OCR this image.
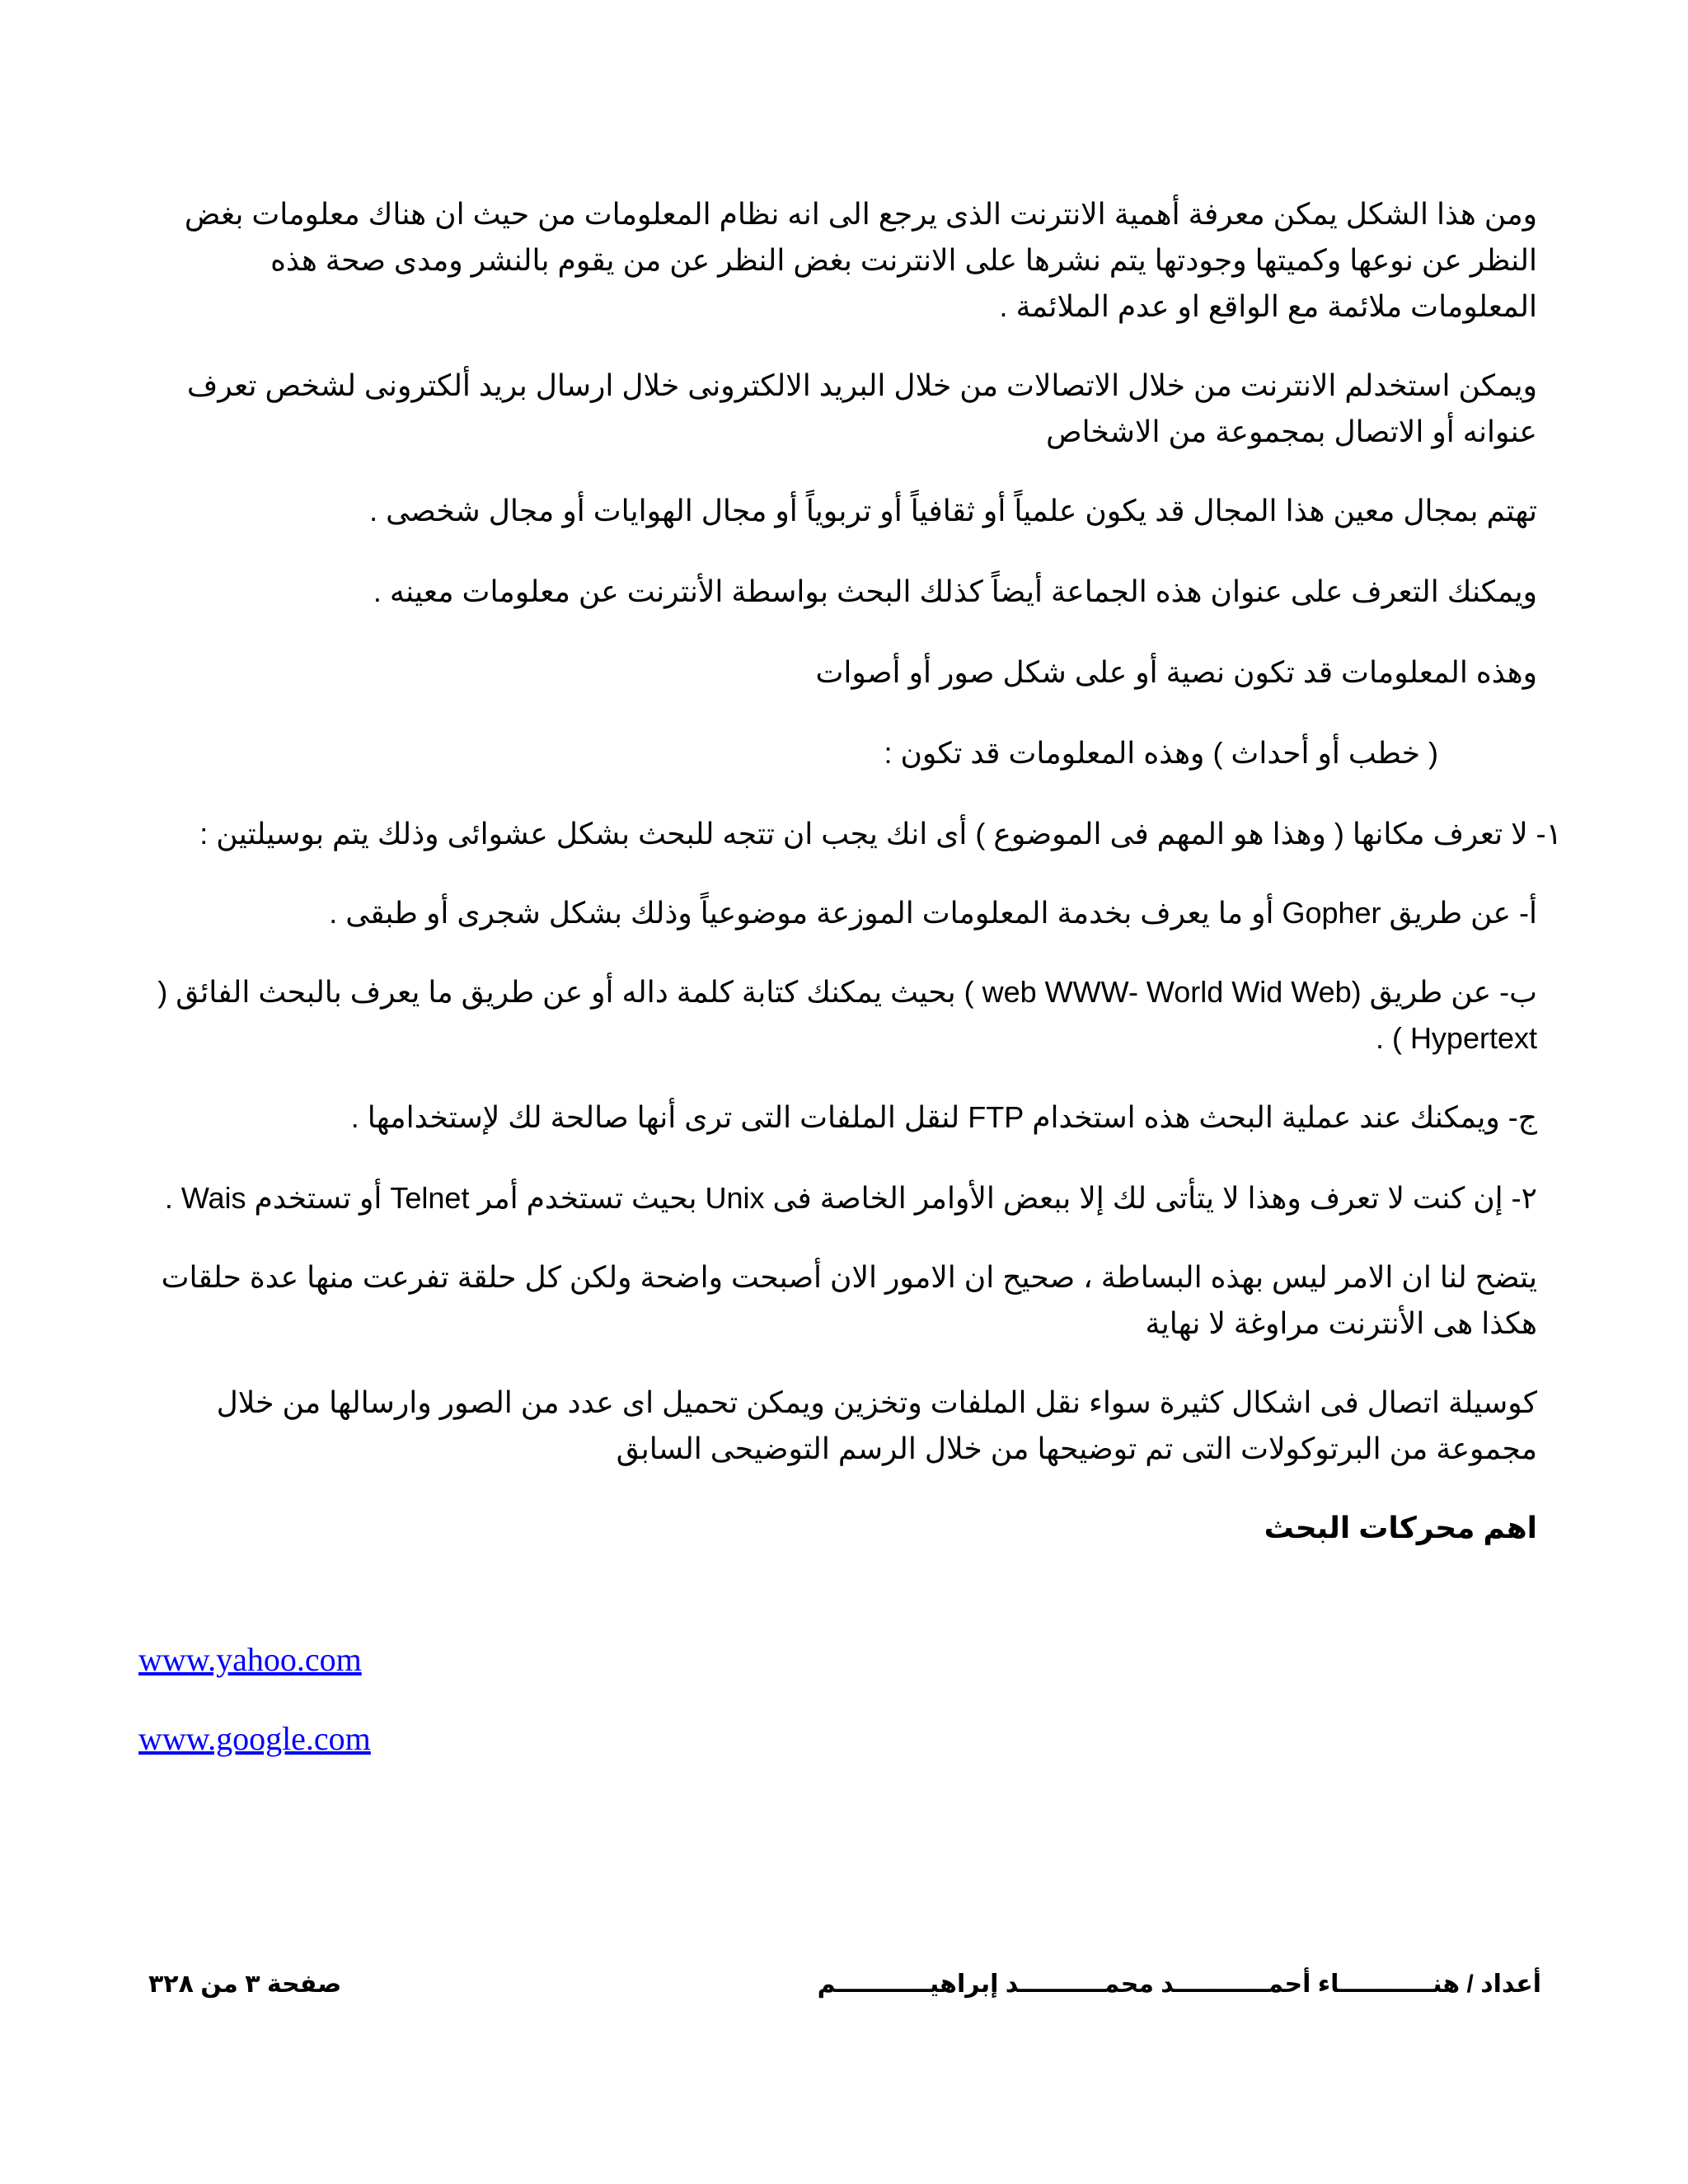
ومن هذا الشكل يمكن معرفة أهمية الانترنت الذى يرجع الى انه نظام المعلومات من حيث ان هناك معلومات بغض النظر عن نوعها وكميتها وجودتها يتم نشرها على الانترنت بغض النظر عن من يقوم بالنشر ومدى صحة هذه المعلومات ملائمة مع الواقع او عدم الملائمة .

ويمكن استخدلم الانترنت من خلال الاتصالات من خلال البريد الالكترونى خلال ارسال بريد ألكترونى لشخص تعرف عنوانه أو الاتصال بمجموعة من الاشخاص

تهتم بمجال معين هذا المجال قد يكون علمياً أو ثقافياً أو تربوياً أو مجال الهوايات أو مجال شخصى .

ويمكنك التعرف على عنوان هذه الجماعة أيضاً كذلك البحث بواسطة الأنترنت عن معلومات معينه .

وهذه المعلومات قد تكون نصية أو على شكل صور أو أصوات

( خطب أو أحداث ) وهذه المعلومات قد تكون :

١- لا تعرف مكانها ( وهذا هو المهم فى الموضوع ) أى انك يجب ان تتجه للبحث بشكل عشوائى وذلك يتم بوسيلتين :

أ- عن طريق Gopher أو ما يعرف بخدمة المعلومات الموزعة موضوعياً وذلك بشكل شجرى أو طبقى .

ب- عن طريق (web WWW- World Wid Web ) بحيث يمكنك كتابة كلمة داله أو عن طريق ما يعرف بالبحث الفائق ( Hypertext ) .

ج- ويمكنك عند عملية البحث هذه استخدام FTP لنقل الملفات التى ترى أنها صالحة لك لإستخدامها .

٢- إن كنت لا تعرف وهذا لا يتأتى لك إلا ببعض الأوامر الخاصة فى Unix بحيث تستخدم أمر Telnet أو تستخدم Wais .

يتضح لنا ان الامر ليس بهذه البساطة ، صحيح ان الامور الان أصبحت واضحة ولكن كل حلقة تفرعت منها عدة حلقات هكذا هى الأنترنت مراوغة لا نهاية

كوسيلة اتصال فى اشكال كثيرة سواء نقل الملفات وتخزين ويمكن تحميل اى عدد من الصور وارسالها من خلال مجموعة من البرتوكولات التى تم توضيحها من خلال الرسم التوضيحى السابق

اهم محركات البحث
www.yahoo.com
www.google.com
أعداد / هنـــــــــــاء أحمـــــــــــد محمــــــــــد إبراهيـــــــــــم
صفحة ٣ من ٣٢٨
